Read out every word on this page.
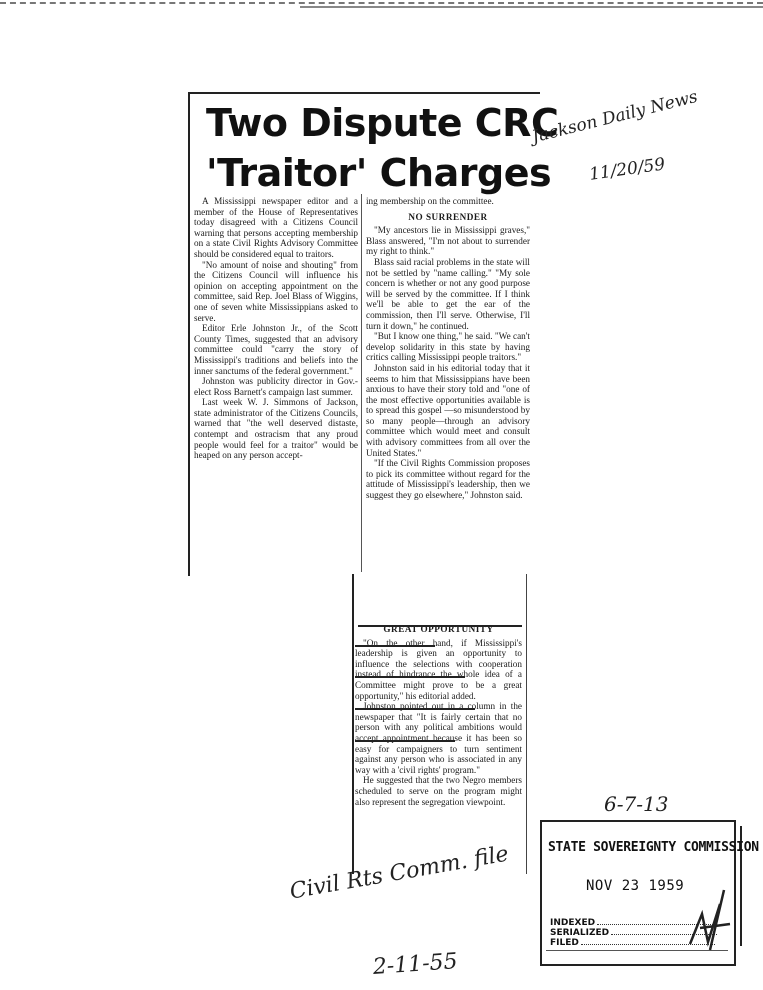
Two Dispute CRC
'Traitor' Charges

A Mississippi newspaper editor and a member of the House of Representatives today disagreed with a Citizens Council warning that persons accepting membership on a state Civil Rights Advisory Committee should be considered equal to traitors.

"No amount of noise and shouting" from the Citizens Council will influence his opinion on accepting appointment on the committee, said Rep. Joel Blass of Wiggins, one of seven white Mississippians asked to serve.

Editor Erle Johnston Jr., of the Scott County Times, suggested that an advisory committee could "carry the story of Mississippi's traditions and beliefs into the inner sanctums of the federal government."

Johnston was publicity director in Gov.-elect Ross Barnett's campaign last summer.

Last week W. J. Simmons of Jackson, state administrator of the Citizens Councils, warned that "the well deserved distaste, contempt and ostracism that any proud people would feel for a traitor" would be heaped on any person accept-

ing membership on the committee.

NO SURRENDER

"My ancestors lie in Mississippi graves," Blass answered, "I'm not about to surrender my right to think."

Blass said racial problems in the state will not be settled by "name calling." "My sole concern is whether or not any good purpose will be served by the committee. If I think we'll be able to get the ear of the commission, then I'll serve. Otherwise, I'll turn it down," he continued.

"But I know one thing," he said. "We can't develop solidarity in this state by having critics calling Mississippi people traitors."

Johnston said in his editorial today that it seems to him that Mississippians have been anxious to have their story told and "one of the most effective opportunities available is to spread this gospel —so misunderstood by so many people—through an advisory committee which would meet and consult with advisory committees from all over the United States."

"If the Civil Rights Commission proposes to pick its committee without regard for the attitude of Mississippi's leadership, then we suggest they go elsewhere," Johnston said.

GREAT OPPORTUNITY

"On the other hand, if Mississippi's leadership is given an opportunity to influence the selections with cooperation instead of hindrance the whole idea of a Committee might prove to be a great opportunity," his editorial added.

Johnston pointed out in a column in the newspaper that "It is fairly certain that no person with any political ambitions would accept appointment because it has been so easy for campaigners to turn sentiment against any person who is associated in any way with a 'civil rights' program."

He suggested that the two Negro members scheduled to serve on the program might also represent the segregation viewpoint.

Jackson Daily News
11/20/59
Civil Rts Comm. file
2-11-55
6-7-13
STATE SOVEREIGNTY COMMISSION
NOV 23 1959
INDEXED
SERIALIZED
FILED
